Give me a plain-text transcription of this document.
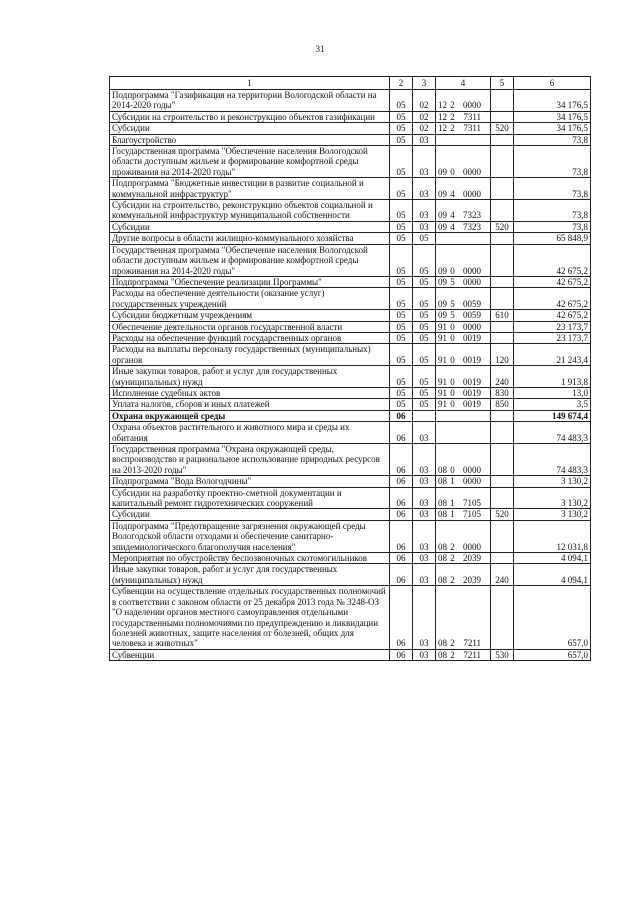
31
1	2	3	4	5	6
Подпрограмма "Газификация на территории Вологодской области на 2014-2020 годы"	05	02	12 2 0000		34 176,5
Субсидии на строительство и реконструкцию объектов газификации	05	02	12 2 7311		34 176,5
Субсидии	05	02	12 2 7311	520	34 176,5
Благоустройство	05	03			73,8
Государственная программа "Обеспечение населения Вологодской области доступным жильем и формирование комфортной среды проживания на 2014-2020 годы"	05	03	09 0 0000		73,8
Подпрограмма "Бюджетные инвестиции в развитие социальной и коммунальной инфраструктур"	05	03	09 4 0000		73,8
Субсидии на строительство, реконструкцию объектов социальной и коммунальной инфраструктур муниципальной собственности	05	03	09 4 7323		73,8
Субсидии	05	03	09 4 7323	520	73,8
Другие вопросы в области жилищно-коммунального хозяйства	05	05			65 848,9
Государственная программа "Обеспечение населения Вологодской области доступным жильем и формирование комфортной среды проживания на 2014-2020 годы"	05	05	09 0 0000		42 675,2
Подпрограмма "Обеспечение реализации Программы"	05	05	09 5 0000		42 675,2
Расходы на обеспечение деятельности (оказание услуг) государственных учреждений	05	05	09 5 0059		42 675,2
Субсидии бюджетным учреждениям	05	05	09 5 0059	610	42 675,2
Обеспечение деятельности органов государственной власти	05	05	91 0 0000		23 173,7
Расходы на обеспечение функций государственных органов	05	05	91 0 0019		23 173,7
Расходы на выплаты персоналу государственных (муниципальных) органов	05	05	91 0 0019	120	21 243,4
Иные закупки товаров, работ и услуг для государственных (муниципальных) нужд	05	05	91 0 0019	240	1 913,8
Исполнение судебных актов	05	05	91 0 0019	830	13,0
Уплата налогов, сборов и иных платежей	05	05	91 0 0019	850	3,5
Охрана окружающей среды	06				149 674,4
Охрана объектов растительного и животного мира и среды их обитания	06	03			74 483,3
Государственная программа "Охрана окружающей среды, воспроизводство и рациональное использование природных ресурсов на 2013-2020 годы"	06	03	08 0 0000		74 483,3
Подпрограмма "Вода Вологодчины"	06	03	08 1 0000		3 130,2
Субсидии на разработку проектно-сметной документации и капитальный ремонт гидротехнических сооружений	06	03	08 1 7105		3 130,2
Субсидии	06	03	08 1 7105	520	3 130,2
Подпрограмма "Предотвращение загрязнения окружающей среды Вологодской области отходами и обеспечение санитарно-эпидемиологического благополучия населения"	06	03	08 2 0000		12 031,8
Мероприятия по обустройству беспозвоночных скотомогильников	06	03	08 2 2039		4 094,1
Иные закупки товаров, работ и услуг для государственных (муниципальных) нужд	06	03	08 2 2039	240	4 094,1
Субвенции на осуществление отдельных государственных полномочий в соответствии с законом области от 25 декабря 2013 года № 3248-ОЗ "О наделении органов местного самоуправления отдельными государственными полномочиями по предупреждению и ликвидации болезней животных, защите населения от болезней, общих для человека и животных"	06	03	08 2 7211		657,0
Субвенции	06	03	08 2 7211	530	657,0
